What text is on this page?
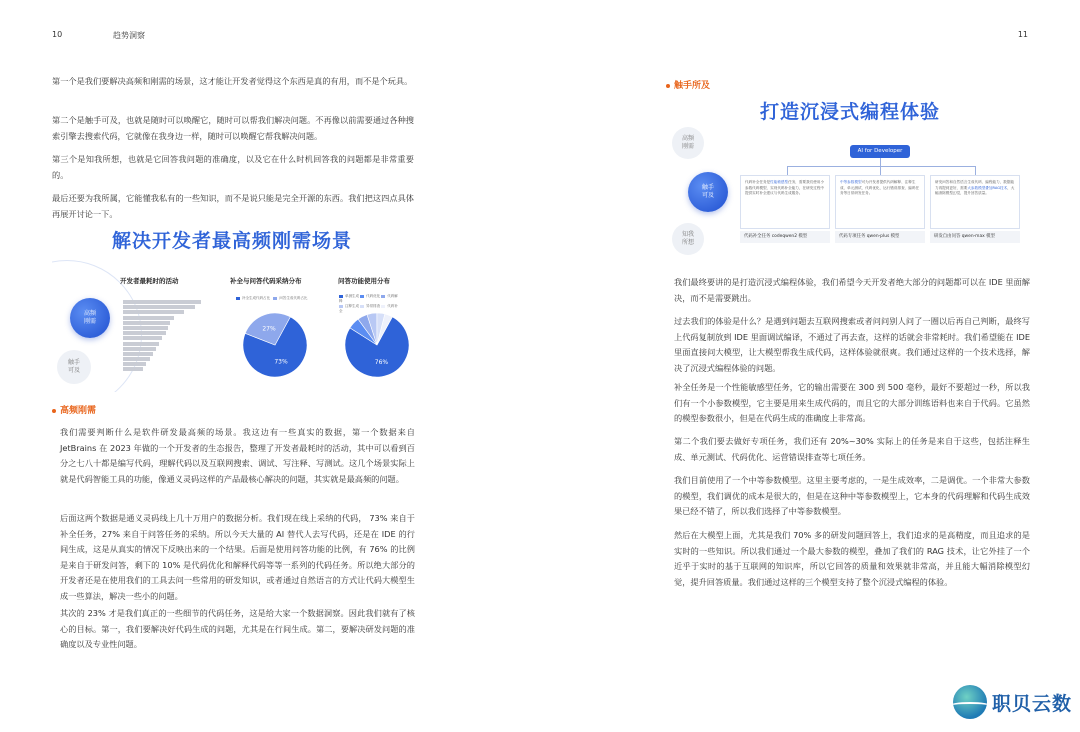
10	趋势洞察
第一个是我们要解决高频和刚需的场景，这才能让开发者觉得这个东西是真的有用，而不是个玩具。
第二个是触手可及，也就是随时可以唤醒它，随时可以帮我们解决问题。不再像以前需要通过各种搜索引擎去搜索代码，它就像在我身边一样，随时可以唤醒它帮我解决问题。
第三个是知我所想，也就是它回答我问题的准确度，以及它在什么时机回答我的问题都是非常重要的。
最后还要为我所属，它能懂我私有的一些知识，而不是说只能是完全开源的东西。我们把这四点具体再展开讨论一下。
解决开发者最高频刚需场景
高频
刚需
触手
可及
开发者最耗时的活动	补全与问答代码采纳分布	问答功能使用分布
补全生成代码占比	问答生成代码占比	单测生成 代码优化 代码解释
注释生成 异常排查 代码补全
73%
27%
76%
高频刚需
我们需要判断什么是软件研发最高频的场景。我这边有一些真实的数据，第一个数据来自 JetBrains 在 2023 年做的一个开发者的生态报告，整理了开发者最耗时的活动，其中可以看到百分之七八十都是编写代码，理解代码以及互联网搜索、调试、写注释、写测试。这几个场景实际上就是代码智能工具的功能，像通义灵码这样的产品最核心解决的问题，其实就是最高频的问题。
后面这两个数据是通义灵码线上几十万用户的数据分析。我们现在线上采纳的代码， 73% 来自于补全任务，27% 来自于问答任务的采纳。所以今天大量的 AI 替代人去写代码，还是在 IDE 的行间生成，这是从真实的情况下反映出来的一个结果。后面是使用问答功能的比例，有 76% 的比例是来自于研发问答，剩下的 10% 是代码优化和解释代码等等一系列的代码任务。所以绝大部分的开发者还是在使用我们的工具去问一些常用的研发知识，或者通过自然语言的方式让代码大模型生成一些算法，解决一些小的问题。
其次的 23% 才是我们真正的一些细节的代码任务，这是给大家一个数据洞察。因此我们就有了核心的目标。第一，我们要解决好代码生成的问题，尤其是在行间生成。第二，要解决研发问题的准确度以及专业性问题。
11
触手所及
我们最终要讲的是打造沉浸式编程体验，我们希望今天开发者绝大部分的问题都可以在 IDE 里面解决，而不是需要跳出。
过去我们的体验是什么？是遇到问题去互联网搜索或者问问别人问了一圈以后再自己判断，最终写上代码复制放到 IDE 里面调试编译，不通过了再去查，这样的话就会非常耗时。我们希望能在 IDE 里面直接问大模型，让大模型帮我生成代码，这样体验就很爽。我们通过这样的一个技术选择，解决了沉浸式编程体验的问题。
补全任务是一个性能敏感型任务，它的输出需要在 300 到 500 毫秒，最好不要超过一秒，所以我们有一个小参数模型，它主要是用来生成代码的，而且它的大部分训练语料也来自于代码。它虽然的模型参数很小，但是在代码生成的准确度上非常高。
第二个我们要去做好专项任务，我们还有 20%~30% 实际上的任务是来自于这些，包括注释生成、单元测试、代码优化、运营错误排查等七项任务。
我们目前使用了一个中等参数模型。这里主要考虑的，一是生成效率，二是调优。一个非常大参数的模型，我们调优的成本是很大的，但是在这种中等参数模型上，它本身的代码理解和代码生成效果已经不错了，所以我们选择了中等参数模型。
然后在大模型上面，尤其是我们 70% 多的研发问题回答上，我们追求的是高精度，而且追求的是实时的一些知识。所以我们通过一个最大参数的模型，叠加了我们的 RAG 技术，让它外挂了一个近乎于实时的基于互联网的知识库，所以它回答的质量和效果就非常高，并且能大幅消除模型幻觉，提升回答质量。我们通过这样的三个模型支持了整个沉浸式编程的体验。
打造沉浸式编程体验
高频
刚需
触手
可及
知我
所想
AI for Developer
代码补全任务是性能敏感型任务，需要我们使用小参数代码模型，实现代码补全能力，在研发过程中提供实时补全建议与代码生成服务。
中等参数模型可为开发者提供代码解释、注释生成、单元测试、代码优化、运行错误排查、编码任务等日常研发任务。
研发问答和自然语言生成代码、编程能力，数据能力再提到更好，需要大参数模型叠加RAG技术，大幅消除模型幻觉，提升回答质量。
代码补全任务 codeqwen2 模型	代码专项任务 qwen-plus 模型	研发自由问答 qwen-max 模型
职贝云数
